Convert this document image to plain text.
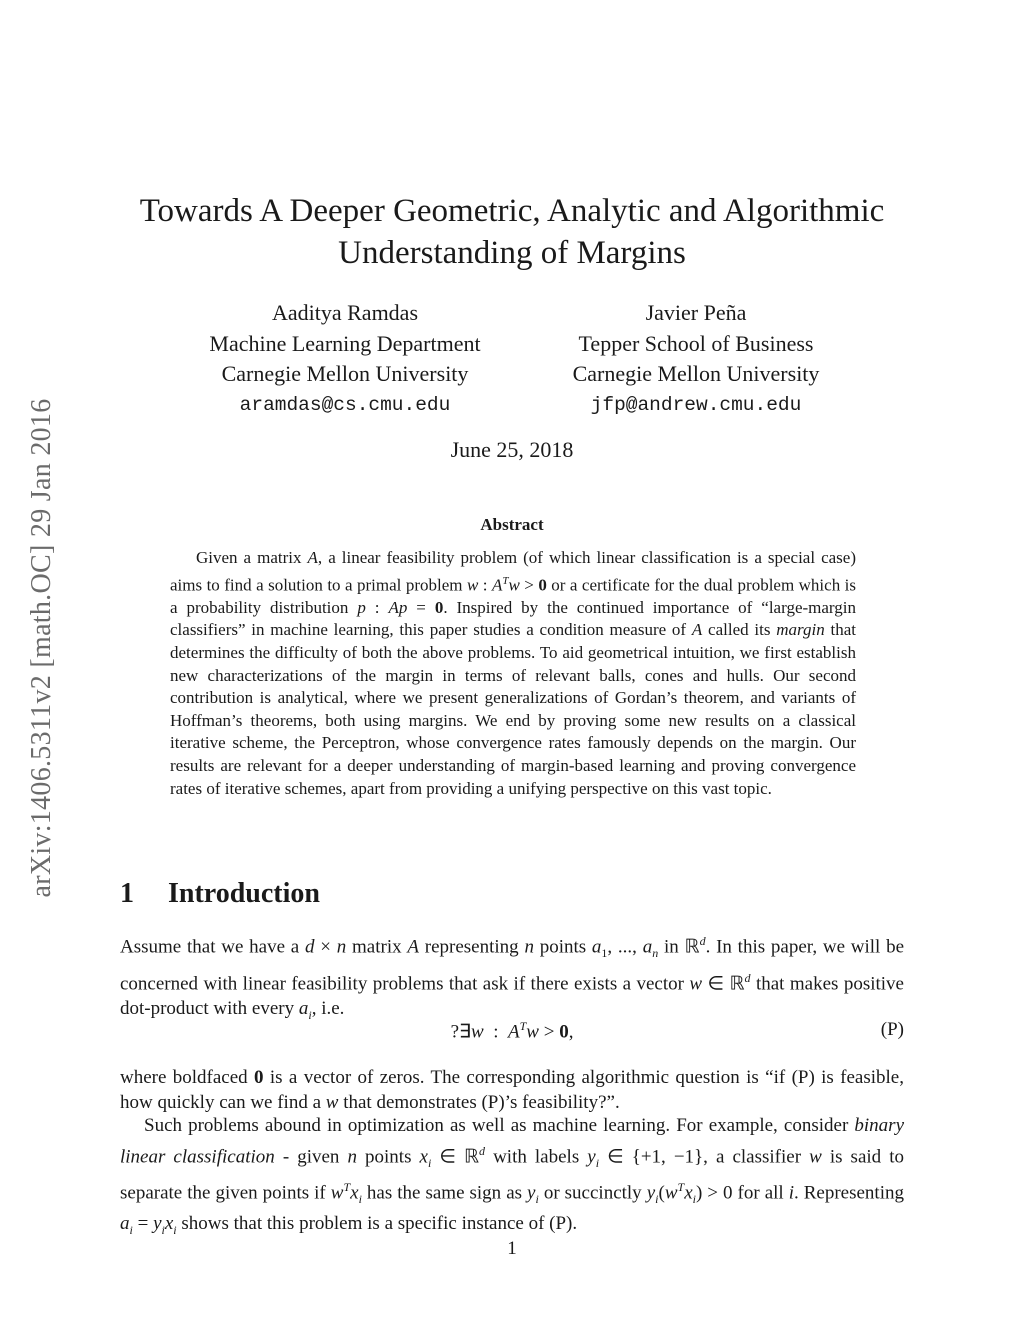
arXiv:1406.5311v2 [math.OC] 29 Jan 2016
Towards A Deeper Geometric, Analytic and Algorithmic Understanding of Margins
Aaditya Ramdas
Machine Learning Department
Carnegie Mellon University
aramdas@cs.cmu.edu
Javier Peña
Tepper School of Business
Carnegie Mellon University
jfp@andrew.cmu.edu
June 25, 2018
Abstract

Given a matrix A, a linear feasibility problem (of which linear classification is a special case) aims to find a solution to a primal problem w : $A^Tw > 0$ or a certificate for the dual problem which is a probability distribution p : Ap = 0. Inspired by the continued importance of “large-margin classifiers” in machine learning, this paper studies a condition measure of A called its margin that determines the difficulty of both the above problems. To aid geometrical intuition, we first establish new characterizations of the margin in terms of relevant balls, cones and hulls. Our second contribution is analytical, where we present generalizations of Gordan’s theorem, and variants of Hoffman’s theorems, both using margins. We end by proving some new results on a classical iterative scheme, the Perceptron, whose convergence rates famously depends on the margin. Our results are relevant for a deeper understanding of margin-based learning and proving convergence rates of iterative schemes, apart from providing a unifying perspective on this vast topic.

1 Introduction

Assume that we have a d × n matrix A representing n points $a_1$, ..., $a_n$ in ℝ$^d$. In this paper, we will be concerned with linear feasibility problems that ask if there exists a vector w ∈ ℝ$^d$ that makes positive dot-product with every $a_i$, i.e.

?∃w  :  $A^Tw > 0$,	(P)

where boldfaced 0 is a vector of zeros. The corresponding algorithmic question is “if (P) is feasible, how quickly can we find a w that demonstrates (P)’s feasibility?”.

Such problems abound in optimization as well as machine learning. For example, consider binary linear classification - given n points $x_i$ ∈ ℝ$^d$ with labels $y_i$ ∈ {+1, −1}, a classifier w is said to separate the given points if $w^Tx_i$ has the same sign as $y_i$ or succinctly $y_i(w^Tx_i) > 0$ for all i. Representing $a_i = y_ix_i$ shows that this problem is a specific instance of (P).

1
